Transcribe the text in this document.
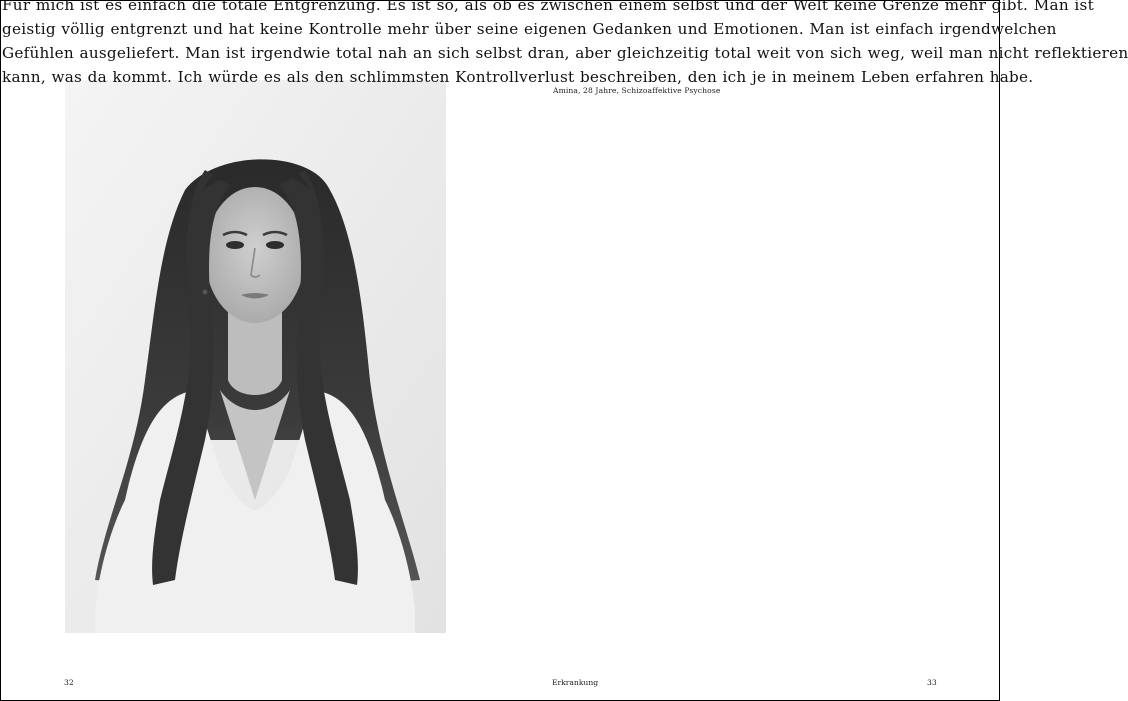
Für mich ist es einfach die totale Entgrenzung. Es ist so, als ob es zwischen einem selbst und der Welt keine Grenze mehr gibt. Man ist
geistig völlig entgrenzt und hat keine Kontrolle mehr über seine eigenen Gedanken und Emotionen. Man ist einfach irgendwelchen
Gefühlen ausgeliefert. Man ist irgendwie total nah an sich selbst dran, aber gleichzeitig total weit von sich weg, weil man nicht reflektieren
kann, was da kommt. Ich würde es als den schlimmsten Kontrollverlust beschreiben, den ich je in meinem Leben erfahren habe.

Amina, 28 Jahre, Schizoaffektive Psychose
32	Erkrankung	33
